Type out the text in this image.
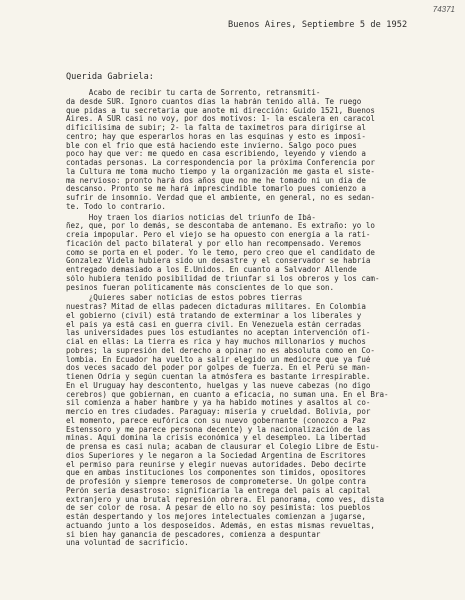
74371
Buenos Aires, Septiembre 5 de 1952
Querida Gabriela:
Acabo de recibir tu carta de Sorrento, retransmiti-
da desde SUR. Ignoro cuantos días la habrán tenido allá. Te ruego
que pidas a tu secretaria que anote mi dirección: Guido 1521, Buenos
Aires. A SUR casi no voy, por dos motivos: 1- la escalera en caracol
dificilísima de subir; 2- la falta de taxímetros para dirigirse al
centro; hay que esperarlos horas en las esquinas y esto es imposi-
ble con el frío que está haciendo este invierno. Salgo poco pues
poco hay que ver: me quedo en casa escribiendo, leyendo y viendo a
contadas personas. La correspondencia por la próxima Conferencia por
la Cultura me toma mucho tiempo y la organización me gasta el siste-
ma nervioso: pronto hará dos años que no me he tomado ni un día de
descanso. Pronto se me hará imprescindible tomarlo pues comienzo a
sufrir de insomnio. Verdad que el ambiente, en general, no es sedan-
te. Todo lo contrario.
Hoy traen los diarios noticias del triunfo de Ibá-
ñez, que, por lo demás, se descontaba de antemano. Es extraño: yo lo
creía impopular. Pero el viejo se ha opuesto con energía a la rati-
ficación del pacto bilateral y por ello han recompensado. Veremos
como se porta en el poder. Yo le temo, pero creo que el candidato de
Gonzalez Videla hubiera sido un desastre y el conservador se habría
entregado demasiado a los E.Unidos. En cuanto a Salvador Allende
sólo hubiera tenido posibilidad de triunfar si los obreros y los cam-
pesinos fueran políticamente más conscientes de lo que son.
¿Quieres saber noticias de estos pobres tierras
nuestras? Mitad de ellas padecen dictaduras militares. En Colombia
el gobierno (civil) está tratando de exterminar a los liberales y
el país ya está casi en guerra civil. En Venezuela están cerradas
las universidades pues los estudiantes no aceptan intervención ofi-
cial en ellas: La tierra es rica y hay muchos millonarios y muchos
pobres; la supresión del derecho a opinar no es absoluta como en Co-
lombia. En Ecuador ha vuelto a salir elegido un mediocre que ya fué
dos veces sacado del poder por golpes de fuerza. En el Perú se man-
tienen Odría y según cuentan la atmósfera es bastante irrespirable.
En el Uruguay hay descontento, huelgas y las nueve cabezas (no digo
cerebros) que gobiernan, en cuanto a eficacia, no suman una. En el Bra-
sil comienza a haber hambre y ya ha habido motines y asaltos al co-
mercio en tres ciudades. Paraguay: miseria y crueldad. Bolivia, por
el momento, parece eufórica con su nuevo gobernante (conozco a Paz
Estenssoro y me parece persona decente) y la nacionalización de las
minas. Aquí domina la crisis económica y el desempleo. La libertad
de prensa es casi nula; acaban de clausurar el Colegio Libre de Estu-
dios Superiores y le negaron a la Sociedad Argentina de Escritores
el permiso para reunirse y elegir nuevas autoridades. Debo decirte
que en ambas instituciones los componentes son tímidos, opositores
de profesión y siempre temerosos de comprometerse. Un golpe contra
Perón sería desastroso: significaría la entrega del país al capital
extranjero y una brutal represión obrera. El panorama, como ves, dista
de ser color de rosa. A pesar de ello no soy pesimista: los pueblos
están despertando y los mejores intelectuales comienzan a jugarse,
actuando junto a los desposeídos. Además, en estas mismas revueltas,
si bien hay ganancia de pescadores, comienza a despuntar
una voluntad de sacrificio.
